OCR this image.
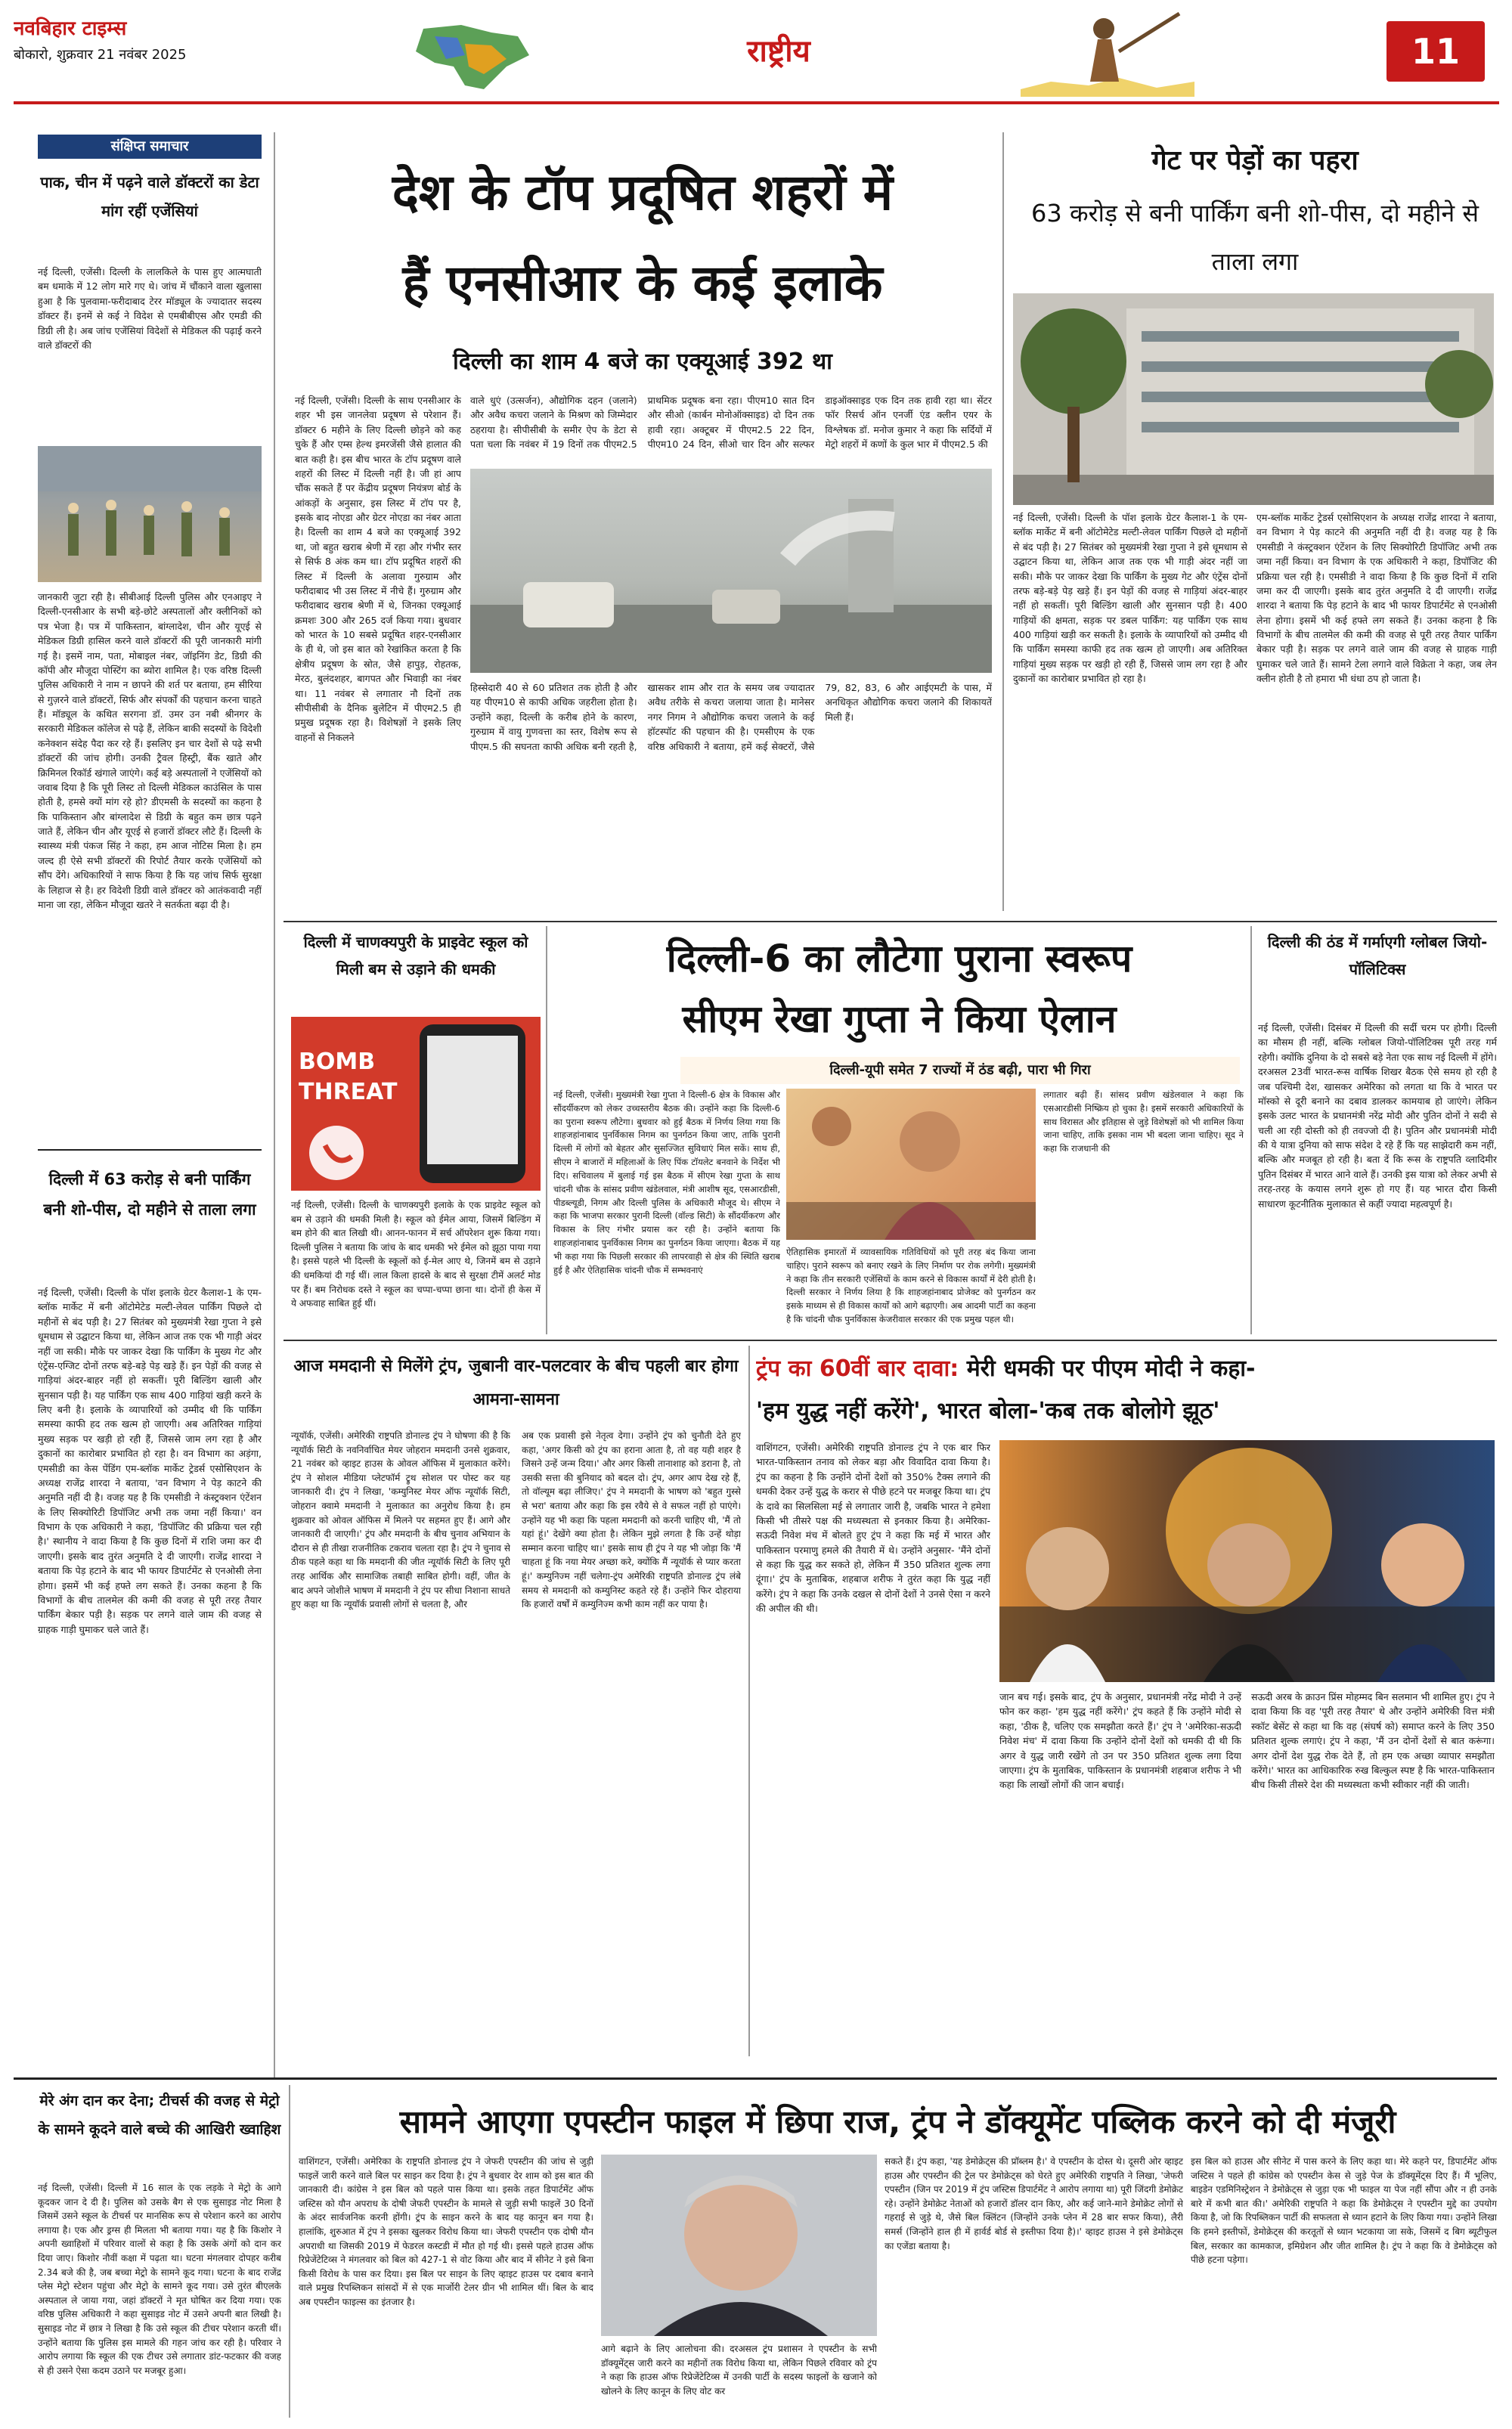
नवबिहार टाइम्स
बोकारो, शुक्रवार 21 नवंबर 2025	राष्ट्रीय	11
संक्षिप्त समाचार
पाक, चीन में पढ़ने वाले डॉक्टरों का डेटा मांग रहीं एजेंसियां
नई दिल्ली, एजेंसी। दिल्ली के लालकिले के पास हुए आत्मघाती बम धमाके में 12 लोग मारे गए थे। जांच में चौंकाने वाला खुलासा हुआ है कि पुलवामा-फरीदाबाद टेरर मॉड्यूल के ज्यादातर सदस्य डॉक्टर हैं। इनमें से कई ने विदेश से एमबीबीएस और एमडी की डिग्री ली है। अब जांच एजेंसियां विदेशों से मेडिकल की पढ़ाई करने वाले डॉक्टरों की
जानकारी जुटा रही है। सीबीआई दिल्ली पुलिस और एनआइए ने दिल्ली-एनसीआर के सभी बड़े-छोटे अस्पतालों और क्लीनिकों को पत्र भेजा है। पत्र में पाकिस्तान, बांग्लादेश, चीन और यूएई से मेडिकल डिग्री हासिल करने वाले डॉक्टरों की पूरी जानकारी मांगी गई है। इसमें नाम, पता, मोबाइल नंबर, जॉइनिंग डेट, डिग्री की कॉपी और मौजूदा पोस्टिंग का ब्योरा शामिल है। एक वरिष्ठ दिल्ली पुलिस अधिकारी ने नाम न छापने की शर्त पर बताया, हम सीरिया से गुज़रने वाले डॉक्टरों, सिर्फ और संपर्कों की पहचान करना चाहते हैं। मॉड्यूल के कथित सरगना डॉ. उमर उन नबी श्रीनगर के सरकारी मेडिकल कॉलेज से पढ़े हैं, लेकिन बाकी सदस्यों के विदेशी कनेक्शन संदेह पैदा कर रहे हैं। इसलिए इन चार देशों से पढ़े सभी डॉक्टरों की जांच होगी। उनकी ट्रैवल हिस्ट्री, बैंक खाते और क्रिमिनल रिकॉर्ड खंगाले जाएंगे। कई बड़े अस्पतालों ने एजेंसियों को जवाब दिया है कि पूरी लिस्ट तो दिल्ली मेडिकल काउंसिल के पास होती है, हमसे क्यों मांग रहे हो? डीएमसी के सदस्यों का कहना है कि पाकिस्तान और बांग्लादेश से डिग्री के बहुत कम छात्र पढ़ने जाते हैं, लेकिन चीन और यूएई से हजारों डॉक्टर लौटे हैं। दिल्ली के स्वास्थ्य मंत्री पंकज सिंह ने कहा, हम आज नोटिस मिला है। हम जल्द ही ऐसे सभी डॉक्टरों की रिपोर्ट तैयार करके एजेंसियों को सौंप देंगे। अधिकारियों ने साफ किया है कि यह जांच सिर्फ सुरक्षा के लिहाज से है। हर विदेशी डिग्री वाले डॉक्टर को आतंकवादी नहीं माना जा रहा, लेकिन मौजूदा खतरे ने सतर्कता बढ़ा दी है।
दिल्ली में 63 करोड़ से बनी पार्किंग बनी शो-पीस, दो महीने से ताला लगा
नई दिल्ली, एजेंसी। दिल्ली के पॉश इलाके ग्रेटर कैलाश-1 के एम-ब्लॉक मार्केट में बनी ऑटोमेटेड मल्टी-लेवल पार्किंग पिछले दो महीनों से बंद पड़ी है। 27 सितंबर को मुख्यमंत्री रेखा गुप्ता ने इसे धूमधाम से उद्घाटन किया था, लेकिन आज तक एक भी गाड़ी अंदर नहीं जा सकी। मौके पर जाकर देखा कि पार्किंग के मुख्य गेट और एंट्रेंस-एग्जिट दोनों तरफ बड़े-बड़े पेड़ खड़े हैं। इन पेड़ों की वजह से गाड़ियां अंदर-बाहर नहीं हो सकतीं। पूरी बिल्डिंग खाली और सुनसान पड़ी है। यह पार्किंग एक साथ 400 गाड़ियां खड़ी करने के लिए बनी है। इलाके के व्यापारियों को उम्मीद थी कि पार्किंग समस्या काफी हद तक खत्म हो जाएगी। अब अतिरिक्त गाड़ियां मुख्य सड़क पर खड़ी हो रही हैं, जिससे जाम लग रहा है और दुकानों का कारोबार प्रभावित हो रहा है। वन विभाग का अड़ंगा, एमसीडी का केस पेंडिंग एम-ब्लॉक मार्केट ट्रेडर्स एसोसिएशन के अध्यक्ष राजेंद्र शारदा ने बताया, 'वन विभाग ने पेड़ काटने की अनुमति नहीं दी है। वजह यह है कि एमसीडी ने कंस्ट्रक्शन एंटेंशन के लिए सिक्योरिटी डिपॉजिट अभी तक जमा नहीं किया।' वन विभाग के एक अधिकारी ने कहा, 'डिपॉजिट की प्रक्रिया चल रही है।' स्थानीय ने वादा किया है कि कुछ दिनों में राशि जमा कर दी जाएगी। इसके बाद तुरंत अनुमति दे दी जाएगी। राजेंद्र शारदा ने बताया कि पेड़ हटाने के बाद भी फायर डिपार्टमेंट से एनओसी लेना होगा। इसमें भी कई हफ्ते लग सकते हैं। उनका कहना है कि विभागों के बीच तालमेल की कमी की वजह से पूरी तरह तैयार पार्किंग बेकार पड़ी है। सड़क पर लगने वाले जाम की वजह से ग्राहक गाड़ी घुमाकर चले जाते हैं।
देश के टॉप प्रदूषित शहरों में
हैं एनसीआर के कई इलाके
दिल्ली का शाम 4 बजे का एक्यूआई 392 था
नई दिल्ली, एजेंसी। दिल्ली के साथ एनसीआर के शहर भी इस जानलेवा प्रदूषण से परेशान हैं। डॉक्टर 6 महीने के लिए दिल्ली छोड़ने को कह चुके हैं और एम्स हेल्थ इमरजेंसी जैसे हालात की बात कही है। इस बीच भारत के टॉप प्रदूषण वाले शहरों की लिस्ट में दिल्ली नहीं है। जी हां आप चौंक सकते हैं पर केंद्रीय प्रदूषण नियंत्रण बोर्ड के आंकड़ों के अनुसार, इस लिस्ट में टॉप पर है, इसके बाद नोएडा और ग्रेटर नोएडा का नंबर आता है। दिल्ली का शाम 4 बजे का एक्यूआई 392 था, जो बहुत खराब श्रेणी में रहा और गंभीर स्तर से सिर्फ 8 अंक कम था। टॉप प्रदूषित शहरों की लिस्ट में दिल्ली के अलावा गुरुग्राम और फरीदाबाद भी उस लिस्ट में नीचे हैं। गुरुग्राम और फरीदाबाद खराब श्रेणी में थे, जिनका एक्यूआई क्रमशः 300 और 265 दर्ज किया गया। बुधवार को भारत के 10 सबसे प्रदूषित शहर-एनसीआर के ही थे, जो इस बात को रेखांकित करता है कि क्षेत्रीय प्रदूषण के स्रोत, जैसे हापुड़, रोहतक, मेरठ, बुलंदशहर, बागपत और भिवाड़ी का नंबर था। 11 नवंबर से लगातार नौ दिनों तक सीपीसीबी के दैनिक बुलेटिन में पीएम2.5 ही प्रमुख प्रदूषक रहा है। विशेषज्ञों ने इसके लिए वाहनों से निकलने
वाले धुएं (उत्सर्जन), औद्योगिक दहन (जलाने) और अवैध कचरा जलाने के मिश्रण को जिम्मेदार ठहराया है। सीपीसीबी के समीर ऐप के डेटा से पता चला कि नवंबर में 19 दिनों तक पीएम2.5 प्राथमिक प्रदूषक बना रहा। पीएम10 सात दिन और सीओ (कार्बन मोनोऑक्साइड) दो दिन तक हावी रहा। अक्टूबर में पीएम2.5 22 दिन, पीएम10 24 दिन, सीओ चार दिन और सल्फर डाइऑक्साइड एक दिन तक हावी रहा था। सेंटर फॉर रिसर्च ऑन एनर्जी एंड क्लीन एयर के विश्लेषक डॉ. मनोज कुमार ने कहा कि सर्दियों में मेट्रो शहरों में कणों के कुल भार में पीएम2.5 की
हिस्सेदारी 40 से 60 प्रतिशत तक होती है और यह पीएम10 से काफी अधिक जहरीला होता है। उन्होंने कहा, दिल्ली के करीब होने के कारण, गुरुग्राम में वायु गुणवत्ता का स्तर, विशेष रूप से पीएम.5 की सघनता काफी अधिक बनी रहती है, खासकर शाम और रात के समय जब ज्यादातर अवैध तरीके से कचरा जलाया जाता है। मानेसर नगर निगम ने औद्योगिक कचरा जलाने के कई हॉटस्पॉट की पहचान की है। एमसीएम के एक वरिष्ठ अधिकारी ने बताया, हमें कई सेक्टरों, जैसे 79, 82, 83, 6 और आईएमटी के पास, में अनधिकृत औद्योगिक कचरा जलाने की शिकायतें मिली हैं।
गेट पर पेड़ों का पहरा
63 करोड़ से बनी पार्किंग बनी शो-पीस, दो महीने से ताला लगा
नई दिल्ली, एजेंसी। दिल्ली के पॉश इलाके ग्रेटर कैलाश-1 के एम-ब्लॉक मार्केट में बनी ऑटोमेटेड मल्टी-लेवल पार्किंग पिछले दो महीनों से बंद पड़ी है। 27 सितंबर को मुख्यमंत्री रेखा गुप्ता ने इसे धूमधाम से उद्घाटन किया था, लेकिन आज तक एक भी गाड़ी अंदर नहीं जा सकी। मौके पर जाकर देखा कि पार्किंग के मुख्य गेट और एंट्रेंस दोनों तरफ बड़े-बड़े पेड़ खड़े हैं। इन पेड़ों की वजह से गाड़ियां अंदर-बाहर नहीं हो सकतीं। पूरी बिल्डिंग खाली और सुनसान पड़ी है। 400 गाड़ियों की क्षमता, सड़क पर डबल पार्किंग: यह पार्किंग एक साथ 400 गाड़ियां खड़ी कर सकती है। इलाके के व्यापारियों को उम्मीद थी कि पार्किंग समस्या काफी हद तक खत्म हो जाएगी। अब अतिरिक्त गाड़ियां मुख्य सड़क पर खड़ी हो रही हैं, जिससे जाम लग रहा है और दुकानों का कारोबार प्रभावित हो रहा है।
एम-ब्लॉक मार्केट ट्रेडर्स एसोसिएशन के अध्यक्ष राजेंद्र शारदा ने बताया, वन विभाग ने पेड़ काटने की अनुमति नहीं दी है। वजह यह है कि एमसीडी ने कंस्ट्रक्शन एंटेंशन के लिए सिक्योरिटी डिपॉजिट अभी तक जमा नहीं किया। वन विभाग के एक अधिकारी ने कहा, डिपॉजिट की प्रक्रिया चल रही है। एमसीडी ने वादा किया है कि कुछ दिनों में राशि जमा कर दी जाएगी। इसके बाद तुरंत अनुमति दे दी जाएगी। राजेंद्र शारदा ने बताया कि पेड़ हटाने के बाद भी फायर डिपार्टमेंट से एनओसी लेना होगा। इसमें भी कई हफ्ते लग सकते हैं। उनका कहना है कि विभागों के बीच तालमेल की कमी की वजह से पूरी तरह तैयार पार्किंग बेकार पड़ी है। सड़क पर लगने वाले जाम की वजह से ग्राहक गाड़ी घुमाकर चले जाते हैं। सामने टेला लगाने वाले विक्रेता ने कहा, जब लेन क्लीन होती है तो हमारा भी धंधा ठप हो जाता है।
दिल्ली में चाणक्यपुरी के प्राइवेट स्कूल को मिली बम से उड़ाने की धमकी
BOMB THREAT
नई दिल्ली, एजेंसी। दिल्ली के चाणक्यपुरी इलाके के एक प्राइवेट स्कूल को बम से उड़ाने की धमकी मिली है। स्कूल को ईमेल आया, जिसमें बिल्डिंग में बम होने की बात लिखी थी। आनन-फानन में सर्च ऑपरेशन शुरू किया गया। दिल्ली पुलिस ने बताया कि जांच के बाद धमकी भरे ईमेल को झूठा पाया गया है। इससे पहले भी दिल्ली के स्कूलों को ई-मेल आए थे, जिनमें बम से उड़ाने की धमकियां दी गई थीं। लाल किला हादसे के बाद से सुरक्षा टीमें अलर्ट मोड पर हैं। बम निरोधक दस्ते ने स्कूल का चप्पा-चप्पा छाना था। दोनों ही केस में ये अफवाह साबित हुई थीं।
दिल्ली-6 का लौटेगा पुराना स्वरूप
सीएम रेखा गुप्ता ने किया ऐलान
दिल्ली-यूपी समेत 7 राज्यों में ठंड बढ़ी, पारा भी गिरा
नई दिल्ली, एजेंसी। मुख्यमंत्री रेखा गुप्ता ने दिल्ली-6 क्षेत्र के विकास और सौंदर्यीकरण को लेकर उच्चस्तरीय बैठक की। उन्होंने कहा कि दिल्ली-6 का पुराना स्वरूप लौटेगा। बुधवार को हुई बैठक में निर्णय लिया गया कि शाहजहांनाबाद पुनर्विकास निगम का पुनर्गठन किया जाए, ताकि पुरानी दिल्ली में लोगों को बेहतर और सुसज्जित सुविधाएं मिल सकें। साथ ही, सीएम ने बाजारों में महिलाओं के लिए पिंक टॉयलेट बनवाने के निर्देश भी दिए। सचिवालय में बुलाई गई इस बैठक में सीएम रेखा गुप्ता के साथ चांदनी चौक के सांसद प्रवीण खंडेलवाल, मंत्री आशीष सूद, एसआरडीसी, पीडब्ल्यूडी, निगम और दिल्ली पुलिस के अधिकारी मौजूद थे। सीएम ने कहा कि भाजपा सरकार पुरानी दिल्ली (वॉल्ड सिटी) के सौंदर्यीकरण और विकास के लिए गंभीर प्रयास कर रही है। उन्होंने बताया कि शाहजहांनाबाद पुनर्विकास निगम का पुनर्गठन किया जाएगा। बैठक में यह भी कहा गया कि पिछली सरकार की लापरवाही से क्षेत्र की स्थिति खराब हुई है और ऐतिहासिक चांदनी चौक में सम्भवनाएं
ऐतिहासिक इमारतों में व्यावसायिक गतिविधियों को पूरी तरह बंद किया जाना चाहिए। पुराने स्वरूप को बनाए रखने के लिए निर्माण पर रोक लगेगी। मुख्यमंत्री ने कहा कि तीन सरकारी एजेंसियों के काम करने से विकास कार्यों में देरी होती है। दिल्ली सरकार ने निर्णय लिया है कि शाहजहांनाबाद प्रोजेक्ट को पुनर्गठन कर इसके माध्यम से ही विकास कार्यों को आगे बढ़ाएगी। अब आदमी पार्टी का कहना है कि चांदनी चौक पुनर्विकास केजरीवाल सरकार की एक प्रमुख पहल थी।
लगातार बढ़ी हैं। सांसद प्रवीण खंडेलवाल ने कहा कि एसआरडीसी निष्क्रिय हो चुका है। इसमें सरकारी अधिकारियों के साथ विरासत और इतिहास से जुड़े विशेषज्ञों को भी शामिल किया जाना चाहिए, ताकि इसका नाम भी बदला जाना चाहिए। सूद ने कहा कि राजधानी की
दिल्ली की ठंड में गर्माएगी ग्लोबल जियो-पॉलिटिक्स
नई दिल्ली, एजेंसी। दिसंबर में दिल्ली की सर्दी चरम पर होगी। दिल्ली का मौसम ही नहीं, बल्कि ग्लोबल जियो-पॉलिटिक्स पूरी तरह गर्म रहेगी। क्योंकि दुनिया के दो सबसे बड़े नेता एक साथ नई दिल्ली में होंगे। दरअसल 23वीं भारत-रूस वार्षिक शिखर बैठक ऐसे समय हो रही है जब पश्चिमी देश, खासकर अमेरिका को लगता था कि वे भारत पर मॉस्को से दूरी बनाने का दबाव डालकर कामयाब हो जाएंगे। लेकिन इसके उलट भारत के प्रधानमंत्री नरेंद्र मोदी और पुतिन दोनों ने सदी से चली आ रही दोस्ती को ही तवज्जो दी है। पुतिन और प्रधानमंत्री मोदी की ये यात्रा दुनिया को साफ संदेश दे रहे हैं कि यह साझेदारी कम नहीं, बल्कि और मजबूत हो रही है। बता दें कि रूस के राष्ट्रपति व्लादिमीर पुतिन दिसंबर में भारत आने वाले हैं। उनकी इस यात्रा को लेकर अभी से तरह-तरह के कयास लगने शुरू हो गए हैं। यह भारत दौरा किसी साधारण कूटनीतिक मुलाकात से कहीं ज्यादा महत्वपूर्ण है।
आज ममदानी से मिलेंगे ट्रंप, जुबानी वार-पलटवार के बीच पहली बार होगा आमना-सामना
न्यूयॉर्क, एजेंसी। अमेरिकी राष्ट्रपति डोनाल्ड ट्रंप ने घोषणा की है कि न्यूयॉर्क सिटी के नवनिर्वाचित मेयर जोहरान ममदानी उनसे शुक्रवार, 21 नवंबर को व्हाइट हाउस के ओवल ऑफिस में मुलाकात करेंगे। ट्रंप ने सोशल मीडिया प्लेटफॉर्म ट्रुथ सोशल पर पोस्ट कर यह जानकारी दी। ट्रंप ने लिखा, 'कम्युनिस्ट मेयर ऑफ न्यूयॉर्क सिटी, जोहरान क्वामे ममदानी ने मुलाकात का अनुरोध किया है। हम शुक्रवार को ओवल ऑफिस में मिलने पर सहमत हुए हैं। आगे और जानकारी दी जाएगी।' ट्रंप और ममदानी के बीच चुनाव अभियान के दौरान से ही तीखा राजनीतिक टकराव चलता रहा है। ट्रंप ने चुनाव से ठीक पहले कहा था कि ममदानी की जीत न्यूयॉर्क सिटी के लिए पूरी तरह आर्थिक और सामाजिक तबाही साबित होगी। वहीं, जीत के बाद अपने जोशीले भाषण में ममदानी ने ट्रंप पर सीधा निशाना साधते हुए कहा था कि न्यूयॉर्क प्रवासी लोगों से चलता है, और
अब एक प्रवासी इसे नेतृत्व देगा। उन्होंने ट्रंप को चुनौती देते हुए कहा, 'अगर किसी को ट्रंप का हराना आता है, तो वह यही शहर है जिसने उन्हें जन्म दिया।' और अगर किसी तानाशाह को डराना है, तो उसकी सत्ता की बुनियाद को बदल दो। ट्रंप, अगर आप देख रहे हैं, तो वॉल्यूम बढ़ा लीजिए।' ट्रंप ने ममदानी के भाषण को 'बहुत गुस्से से भरा' बताया और कहा कि इस रवैये से वे सफल नहीं हो पाएंगे। उन्होंने यह भी कहा कि पहला ममदानी को करनी चाहिए थी, 'मैं तो यहां हूं।' देखेंगे क्या होता है। लेकिन मुझे लगता है कि उन्हें थोड़ा सम्मान करना चाहिए था।' इसके साथ ही ट्रंप ने यह भी जोड़ा कि 'मैं चाहता हूं कि नया मेयर अच्छा करे, क्योंकि मैं न्यूयॉर्क से प्यार करता हूं।' कम्युनिज्म नहीं चलेगा-ट्रंप अमेरिकी राष्ट्रपति डोनाल्ड ट्रंप लंबे समय से ममदानी को कम्युनिस्ट कहते रहे हैं। उन्होंने फिर दोहराया कि हजारों वर्षों में कम्युनिज्म कभी काम नहीं कर पाया है।
ट्रंप का 60वीं बार दावा: मेरी धमकी पर पीएम मोदी ने कहा-
'हम युद्ध नहीं करेंगे', भारत बोला-'कब तक बोलोगे झूठ'
वाशिंगटन, एजेंसी। अमेरिकी राष्ट्रपति डोनाल्ड ट्रंप ने एक बार फिर भारत-पाकिस्तान तनाव को लेकर बड़ा और विवादित दावा किया है। ट्रंप का कहना है कि उन्होंने दोनों देशों को 350% टैक्स लगाने की धमकी देकर उन्हें युद्ध के करार से पीछे हटने पर मजबूर किया था। ट्रंप के दावे का सिलसिला मई से लगातार जारी है, जबकि भारत ने हमेशा किसी भी तीसरे पक्ष की मध्यस्थता से इनकार किया है। अमेरिका-सऊदी निवेश मंच में बोलते हुए ट्रंप ने कहा कि मई में भारत और पाकिस्तान परमाणु हमले की तैयारी में थे। उन्होंने अनुसार- 'मैंने दोनों से कहा कि युद्ध कर सकते हो, लेकिन मैं 350 प्रतिशत शुल्क लगा दूंगा।' ट्रंप के मुताबिक, शहबाज शरीफ ने तुरंत कहा कि युद्ध नहीं करेंगे। ट्रंप ने कहा कि उनके दखल से दोनों देशों ने उनसे ऐसा न करने की अपील की थी।
जान बच गई। इसके बाद, ट्रंप के अनुसार, प्रधानमंत्री नरेंद्र मोदी ने उन्हें फोन कर कहा- 'हम युद्ध नहीं करेंगे।' ट्रंप कहते हैं कि उन्होंने मोदी से कहा, 'ठीक है, चलिए एक समझौता करते हैं।' ट्रंप ने 'अमेरिका-सऊदी निवेश मंच' में दावा किया कि उन्होंने दोनों देशों को धमकी दी थी कि अगर वे युद्ध जारी रखेंगे तो उन पर 350 प्रतिशत शुल्क लगा दिया जाएगा। ट्रंप के मुताबिक, पाकिस्तान के प्रधानमंत्री शहबाज शरीफ ने भी कहा कि लाखों लोगों की जान बचाई।
सऊदी अरब के क्राउन प्रिंस मोहम्मद बिन सलमान भी शामिल हुए। ट्रंप ने दावा किया कि वह 'पूरी तरह तैयार' थे और उन्होंने अमेरिकी वित्त मंत्री स्कॉट बेसेंट से कहा था कि वह (संघर्ष को) समाप्त करने के लिए 350 प्रतिशत शुल्क लगाएं। ट्रंप ने कहा, 'मैं उन दोनों देशों से बात करूंगा। अगर दोनों देश युद्ध रोक देते हैं, तो हम एक अच्छा व्यापार समझौता करेंगे।' भारत का आधिकारिक रुख बिल्कुल स्पष्ट है कि भारत-पाकिस्तान बीच किसी तीसरे देश की मध्यस्थता कभी स्वीकार नहीं की जाती।
मेरे अंग दान कर देना; टीचर्स की वजह से मेट्रो के सामने कूदने वाले बच्चे की आखिरी ख्वाहिश
नई दिल्ली, एजेंसी। दिल्ली में 16 साल के एक लड़के ने मेट्रो के आगे कूदकर जान दे दी है। पुलिस को उसके बैग से एक सुसाइड नोट मिला है जिसमें उसने स्कूल के टीचर्स पर मानसिक रूप से परेशान करने का आरोप लगाया है। एक और ड्रग्स ही मिलता भी बताया गया। यह है कि किशोर ने अपनी ख्वाहिशों में परिवार वालों से कहा है कि उसके अंगों को दान कर दिया जाए। किशोर नौवीं कक्षा में पढ़ता था। घटना मंगलवार दोपहर करीब 2.34 बजे की है, जब बच्चा मेट्रो के सामने कूद गया। घटना के बाद राजेंद्र प्लेस मेट्रो स्टेशन पहुंचा और मेट्रो के सामने कूद गया। उसे तुरंत बीएलके अस्पताल ले जाया गया, जहां डॉक्टरों ने मृत घोषित कर दिया गया। एक वरिष्ठ पुलिस अधिकारी ने कहा सुसाइड नोट में उसने अपनी बात लिखी है। सुसाइड नोट में छात्र ने लिखा है कि उसे स्कूल की टीचर परेशान करती थीं। उन्होंने बताया कि पुलिस इस मामले की गहन जांच कर रही है। परिवार ने आरोप लगाया कि स्कूल की एक टीचर उसे लगातार डांट-फटकार की वजह से ही उसने ऐसा कदम उठाने पर मजबूर हुआ।
सामने आएगा एपस्टीन फाइल में छिपा राज, ट्रंप ने डॉक्यूमेंट पब्लिक करने को दी मंजूरी
वाशिंगटन, एजेंसी। अमेरिका के राष्ट्रपति डोनाल्ड ट्रंप ने जेफरी एपस्टीन की जांच से जुड़ी फाइलें जारी करने वाले बिल पर साइन कर दिया है। ट्रंप ने बुधवार देर शाम को इस बात की जानकारी दी। कांग्रेस ने इस बिल को पहले पास किया था। इसके तहत डिपार्टमेंट ऑफ जस्टिस को यौन अपराध के दोषी जेफरी एपस्टीन के मामले से जुड़ी सभी फाइलें 30 दिनों के अंदर सार्वजनिक करनी होंगी। ट्रंप के साइन करने के बाद यह कानून बन गया है। हालांकि, शुरुआत में ट्रंप ने इसका खुलकर विरोध किया था। जेफरी एपस्टीन एक दोषी यौन अपराधी था जिसकी 2019 में फेडरल कस्टडी में मौत हो गई थी। इससे पहले हाउस ऑफ रिप्रेजेंटेटिव्स ने मंगलवार को बिल को 427-1 से वोट किया और बाद में सीनेट ने इसे बिना किसी विरोध के पास कर दिया। इस बिल पर साइन के लिए व्हाइट हाउस पर दबाव बनाने वाले प्रमुख रिपब्लिकन सांसदों में से एक मार्जोरी टेलर ग्रीन भी शामिल थीं। बिल के बाद अब एपस्टीन फाइल्स का इंतजार है।
आगे बढ़ाने के लिए आलोचना की। दरअसल ट्रंप प्रशासन ने एपस्टीन के सभी डॉक्यूमेंट्स जारी करने का महीनों तक विरोध किया था, लेकिन पिछले रविवार को ट्रंप ने कहा कि हाउस ऑफ रिप्रेजेंटेटिव्स में उनकी पार्टी के सदस्य फाइलों के खजाने को खोलने के लिए कानून के लिए वोट कर
सकते हैं। ट्रंप कहा, 'यह डेमोक्रेट्स की प्रॉब्लम है।' वे एपस्टीन के दोस्त थे। दूसरी ओर व्हाइट हाउस और एपस्टीन की ट्रेल पर डेमोक्रेट्स को घेरते हुए अमेरिकी राष्ट्रपति ने लिखा, 'जेफरी एपस्टीन (जिन पर 2019 में ट्रंप जस्टिस डिपार्टमेंट ने आरोप लगाया था) पूरी जिंदगी डेमोक्रेट रहे। उन्होंने डेमोक्रेट नेताओं को हजारों डॉलर दान किए, और कई जाने-माने डेमोक्रेट लोगों से गहराई से जुड़े थे, जैसे बिल क्लिंटन (जिन्होंने उनके प्लेन में 28 बार सफर किया), लैरी समर्स (जिन्होंने हाल ही में हार्वर्ड बोर्ड से इस्तीफा दिया है)।' व्हाइट हाउस ने इसे डेमोक्रेट्स का एजेंडा बताया है।
इस बिल को हाउस और सीनेट में पास करने के लिए कहा था। मेरे कहने पर, डिपार्टमेंट ऑफ जस्टिस ने पहले ही कांग्रेस को एपस्टीन केस से जुड़े पेज के डॉक्यूमेंट्स दिए हैं। मैं भूलिए, बाइडेन एडमिनिस्ट्रेशन ने डेमोक्रेट्स से जुड़ा एक भी फाइल या पेज नहीं सौंपा और न ही उनके बारे में कभी बात की।' अमेरिकी राष्ट्रपति ने कहा कि डेमोक्रेट्स ने एपस्टीन मुद्दे का उपयोग किया है, जो कि रिपब्लिकन पार्टी की सफलता से ध्यान हटाने के लिए किया गया। उन्होंने लिखा कि हमने इस्तीफों, डेमोक्रेट्स की करतूतों से ध्यान भटकाया जा सके, जिसमें द बिग ब्यूटीफुल बिल, सरकार का कामकाज, इमिग्रेशन और जीत शामिल है। ट्रंप ने कहा कि वे डेमोक्रेट्स को पीछे हटना पड़ेगा।
